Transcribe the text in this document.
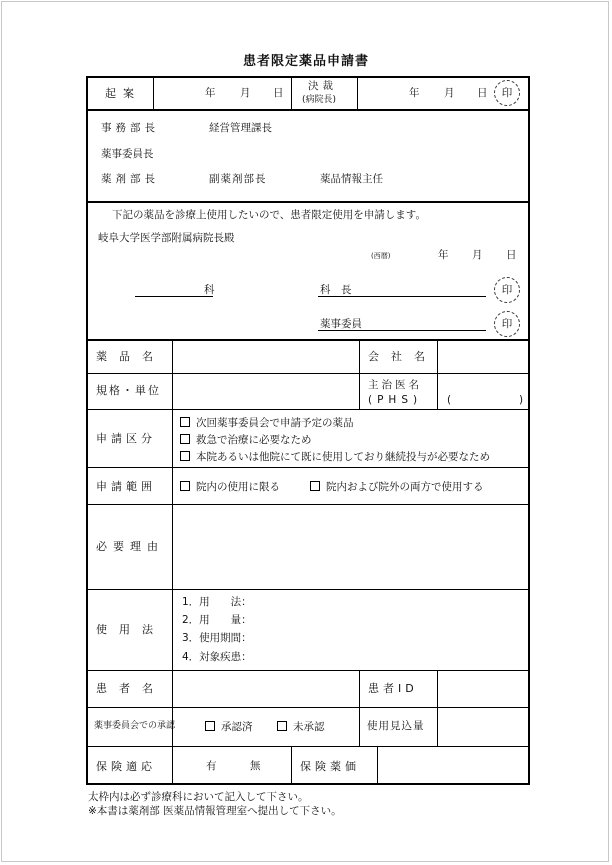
患者限定薬品申請書
起案	年 月 日
決裁
(病院長)
年 月 日	印
事務部長	経営管理課長
薬事委員長
薬剤部長	副薬剤部長	薬品情報主任
下記の薬品を診療上使用したいので、患者限定使用を申請します。
岐阜大学医学部附属病院長殿
(西暦)	年 月 日
科	科　長	印
薬事委員	印
薬品名	会社名
規格・単位	主治医名
(PHS) (	)
申請区分
次回薬事委員会で申請予定の薬品
救急で治療に必要なため
本院あるいは他院にて既に使用しており継続投与が必要なため
申請範囲	院内の使用に限る	院内および院外の両方で使用する
必要理由
使用法
1．用　　法：
2．用　　量：
3．使用期間：
4．対象疾患：
患者名	患者ID
薬事委員会での承認	承認済	未承認	使用見込量
保険適応	有	無	保険薬価
太枠内は必ず診療科において記入して下さい。
※本書は薬剤部 医薬品情報管理室へ提出して下さい。
